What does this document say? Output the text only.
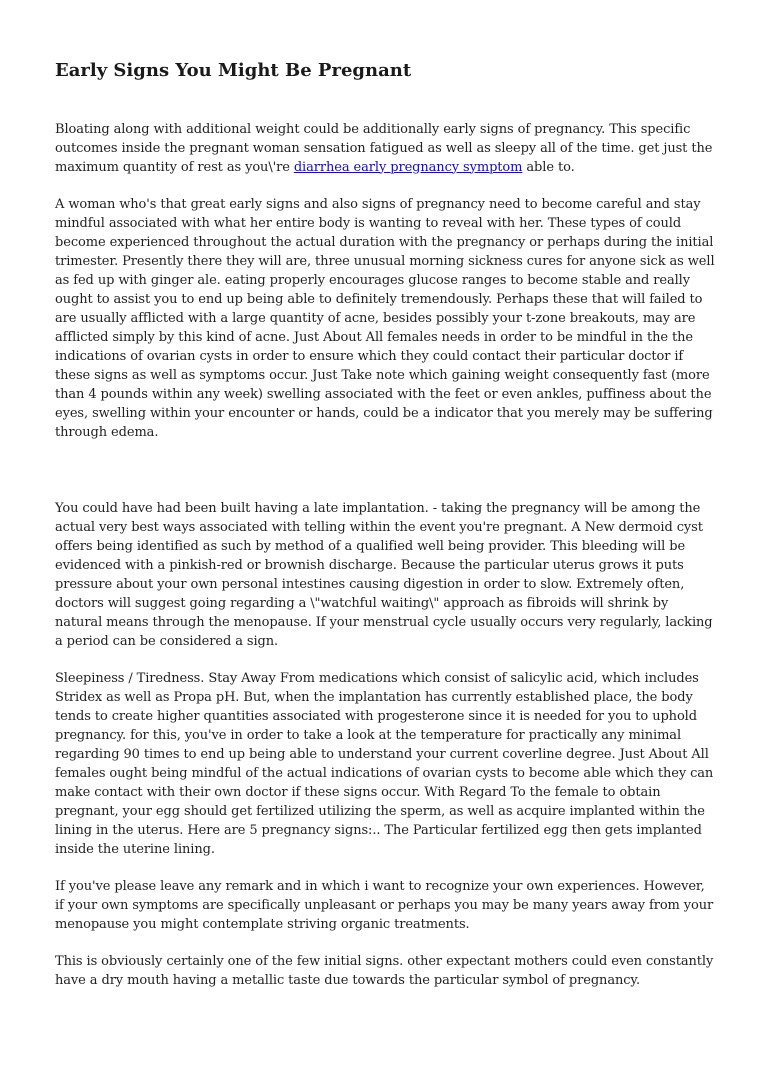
Early Signs You Might Be Pregnant

Bloating along with additional weight could be additionally early signs of pregnancy. This specific outcomes inside the pregnant woman sensation fatigued as well as sleepy all of the time. get just the maximum quantity of rest as you\'re diarrhea early pregnancy symptom able to.

A woman who's that great early signs and also signs of pregnancy need to become careful and stay mindful associated with what her entire body is wanting to reveal with her. These types of could become experienced throughout the actual duration with the pregnancy or perhaps during the initial trimester. Presently there they will are, three unusual morning sickness cures for anyone sick as well as fed up with ginger ale. eating properly encourages glucose ranges to become stable and really ought to assist you to end up being able to definitely tremendously. Perhaps these that will failed to are usually afflicted with a large quantity of acne, besides possibly your t-zone breakouts, may are afflicted simply by this kind of acne. Just About All females needs in order to be mindful in the the indications of ovarian cysts in order to ensure which they could contact their particular doctor if these signs as well as symptoms occur. Just Take note which gaining weight consequently fast (more than 4 pounds within any week) swelling associated with the feet or even ankles, puffiness about the eyes, swelling within your encounter or hands, could be a indicator that you merely may be suffering through edema.

You could have had been built having a late implantation. - taking the pregnancy will be among the actual very best ways associated with telling within the event you're pregnant. A New dermoid cyst offers being identified as such by method of a qualified well being provider. This bleeding will be evidenced with a pinkish-red or brownish discharge. Because the particular uterus grows it puts pressure about your own personal intestines causing digestion in order to slow. Extremely often, doctors will suggest going regarding a \"watchful waiting\" approach as fibroids will shrink by natural means through the menopause. If your menstrual cycle usually occurs very regularly, lacking a period can be considered a sign.

Sleepiness / Tiredness. Stay Away From medications which consist of salicylic acid, which includes Stridex as well as Propa pH. But, when the implantation has currently established place, the body tends to create higher quantities associated with progesterone since it is needed for you to uphold pregnancy. for this, you've in order to take a look at the temperature for practically any minimal regarding 90 times to end up being able to understand your current coverline degree. Just About All females ought being mindful of the actual indications of ovarian cysts to become able which they can make contact with their own doctor if these signs occur. With Regard To the female to obtain pregnant, your egg should get fertilized utilizing the sperm, as well as acquire implanted within the lining in the uterus. Here are 5 pregnancy signs:.. The Particular fertilized egg then gets implanted inside the uterine lining.

If you've please leave any remark and in which i want to recognize your own experiences. However, if your own symptoms are specifically unpleasant or perhaps you may be many years away from your menopause you might contemplate striving organic treatments.

This is obviously certainly one of the few initial signs. other expectant mothers could even constantly have a dry mouth having a metallic taste due towards the particular symbol of pregnancy.
